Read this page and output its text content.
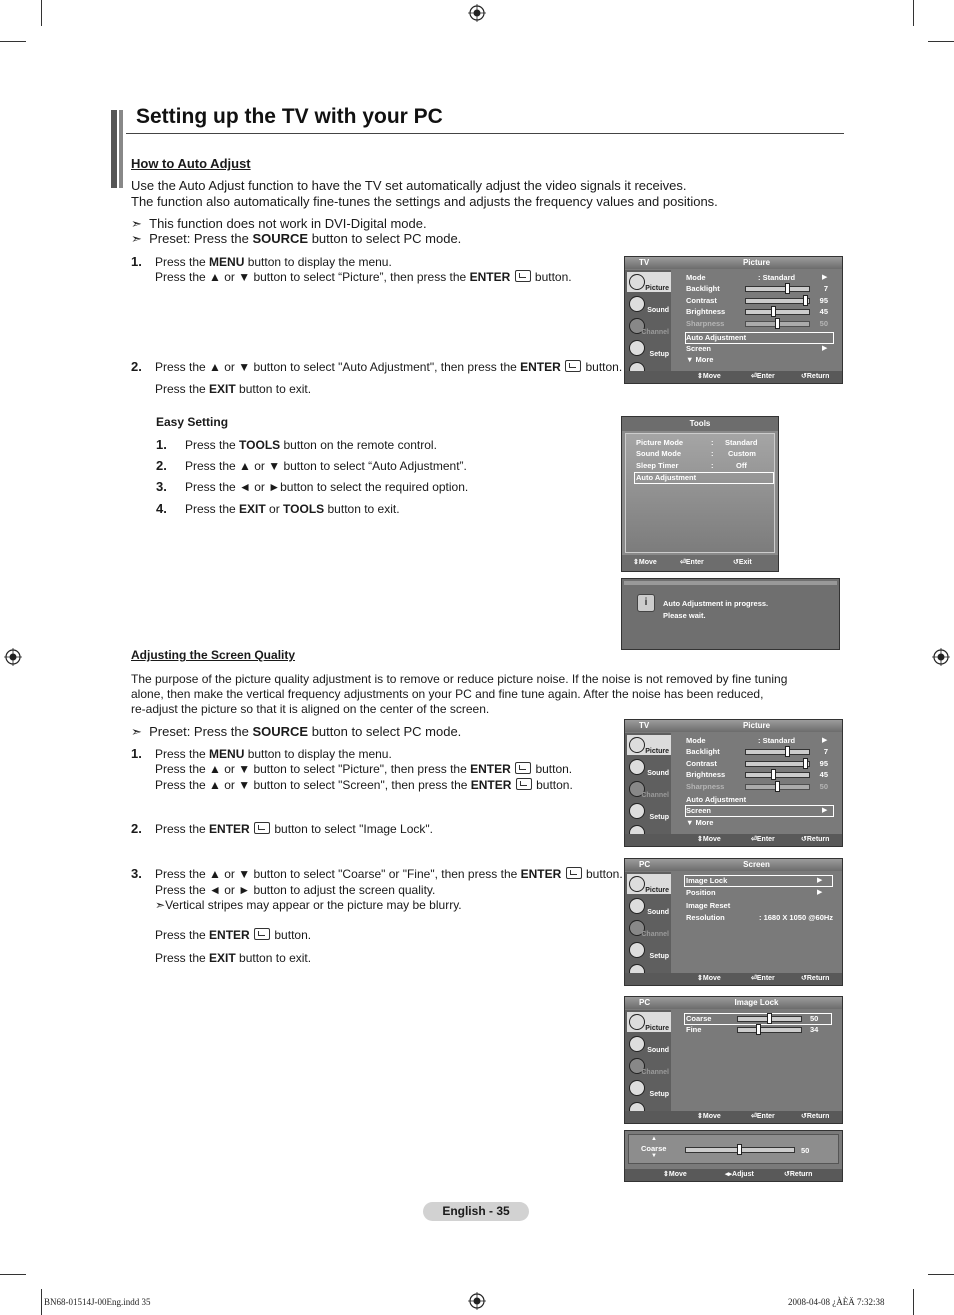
Setting up the TV with your PC
How to Auto Adjust
Use the Auto Adjust function to have the TV set automatically adjust the video signals it receives.
The function also automatically fine-tunes the settings and adjusts the frequency values and positions.
➣ This function does not work in DVI-Digital mode.
➣ Preset: Press the SOURCE button to select PC mode.
1. Press the MENU button to display the menu.
Press the ▲ or ▼ button to select “Picture”, then press the ENTER  button.
2. Press the ▲ or ▼ button to select "Auto Adjustment", then press the ENTER  button.
Press the EXIT button to exit.
Easy Setting
1. Press the TOOLS button on the remote control.
2. Press the ▲ or ▼ button to select “Auto Adjustment”.
3. Press the ◄ or ►button to select the required option.
4. Press the EXIT or TOOLS button to exit.
Adjusting the Screen Quality
The purpose of the picture quality adjustment is to remove or reduce picture noise. If the noise is not removed by fine tuning
alone, then make the vertical frequency adjustments on your PC and fine tune again. After the noise has been reduced,
re-adjust the picture so that it is aligned on the center of the screen.
➣ Preset: Press the SOURCE button to select PC mode.
1. Press the MENU button to display the menu.
Press the ▲ or ▼ button to select "Picture", then press the ENTER  button.
Press the ▲ or ▼ button to select "Screen", then press the ENTER  button.
2. Press the ENTER  button to select "Image Lock".
3. Press the ▲ or ▼ button to select "Coarse" or "Fine", then press the ENTER  button.
Press the ◄ or ► button to adjust the screen quality.
➣Vertical stripes may appear or the picture may be blurry.
Press the ENTER  button.
Press the EXIT button to exit.
TV	Picture
Picture
Sound
Channel
Setup
Mode	: Standard	▶
Auto Adjustment
Screen	▶
▼ More
⇕ Move	⏎ Enter	↺ Return
Backlight	7
Contrast	95
Brightness	45
Sharpness	50
Tools
Picture Mode	: Standard
Sound Mode	: Custom
Sleep Timer	:	Off
Auto Adjustment
⇕ Move	⏎ Enter	↺ Exit
i	Auto Adjustment in progress.
Please wait.
TV	Picture
Picture
Sound
Channel
Setup
Mode	: Standard	▶
Auto Adjustment
Screen	▶
▼ More
⇕ Move	⏎ Enter	↺ Return
Backlight	7
Contrast	95
Brightness	45
Sharpness	50
PC	Screen
Picture
Sound
Channel
Setup
Image Lock	▶
Position	▶
Image Reset
Resolution	: 1680 X 1050 @60Hz
⇕ Move	⏎ Enter	↺ Return
PC	Image Lock
Picture
Sound
Channel
Setup
Coarse	50
Fine	34
⇕ Move	⏎ Enter	↺ Return
▲
Coarse
▼
50
⇕ Move	◂▸ Adjust	↺ Return
English - 35
BN68-01514J-00Eng.indd 35	2008-04-08 ¿ÀÈÄ 7:32:38
